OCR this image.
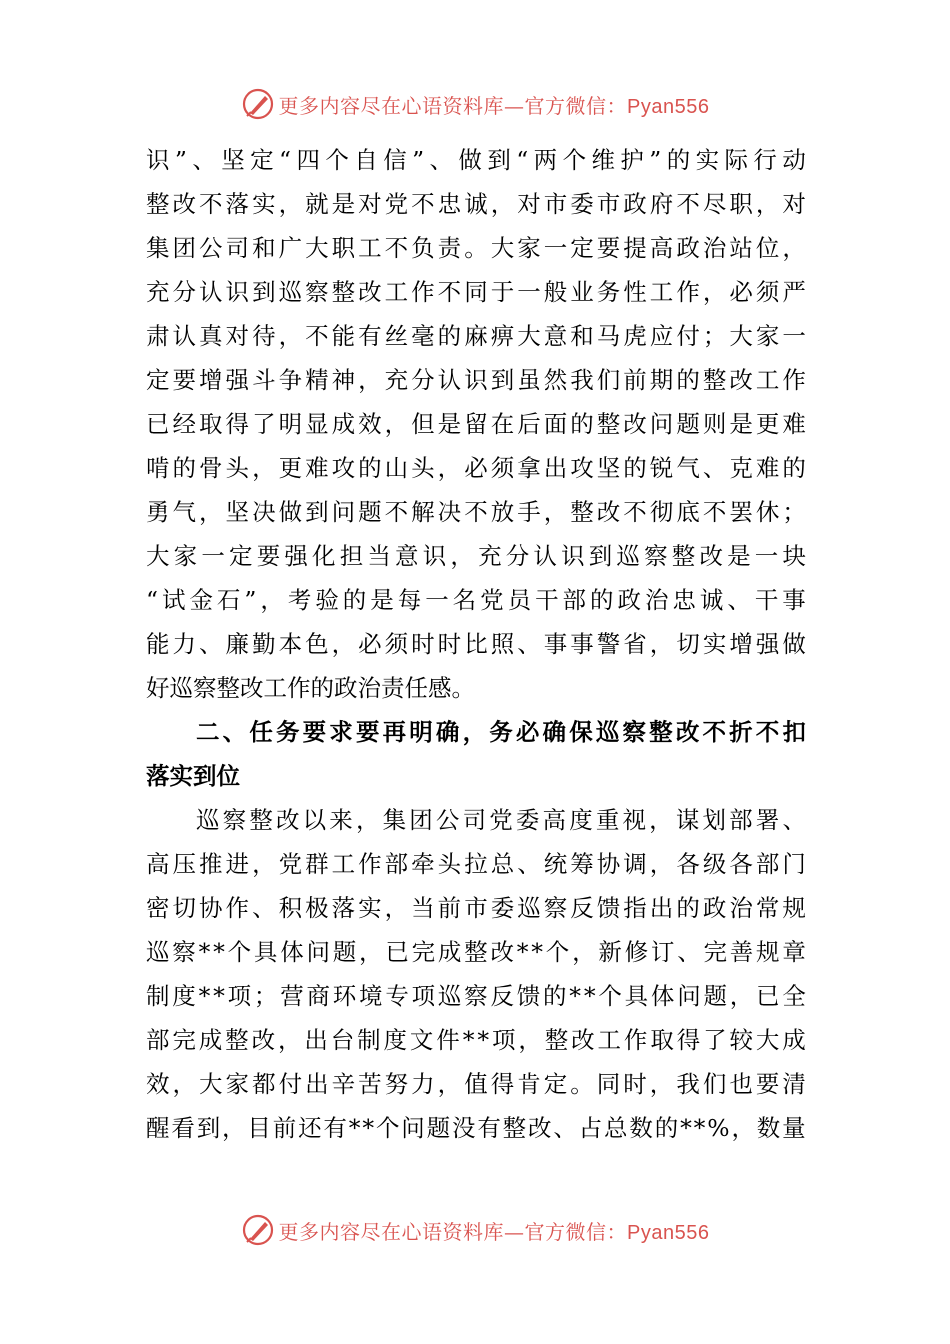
更多内容尽在心语资料库—官方微信：Pyan556
识 ” 、 坚 定 “ 四 个 自 信 ” 、 做 到 “ 两 个 维 护 ” 的 实 际 行 动
整 改 不 落 实 ， 就 是 对 党 不 忠 诚 ， 对 市 委 市 政 府 不 尽 职 ， 对
集 团 公 司 和 广 大 职 工 不 负 责 。 大 家 一 定 要 提 高 政 治 站 位 ，
充 分 认 识 到 巡 察 整 改 工 作 不 同 于 一 般 业 务 性 工 作 ， 必 须 严
肃 认 真 对 待 ， 不 能 有 丝 毫 的 麻 痹 大 意 和 马 虎 应 付 ； 大 家 一
定 要 增 强 斗 争 精 神 ， 充 分 认 识 到 虽 然 我 们 前 期 的 整 改 工 作
已 经 取 得 了 明 显 成 效 ， 但 是 留 在 后 面 的 整 改 问 题 则 是 更 难
啃 的 骨 头 ， 更 难 攻 的 山 头 ， 必 须 拿 出 攻 坚 的 锐 气 、 克 难 的
勇 气 ， 坚 决 做 到 问 题 不 解 决 不 放 手 ， 整 改 不 彻 底 不 罢 休 ；
大 家 一 定 要 强 化 担 当 意 识 ， 充 分 认 识 到 巡 察 整 改 是 一 块
“ 试 金 石 ” ， 考 验 的 是 每 一 名 党 员 干 部 的 政 治 忠 诚 、 干 事
能 力 、 廉 勤 本 色 ， 必 须 时 时 比 照 、 事 事 警 省 ， 切 实 增 强 做
好巡察整改工作的政治责任感。
二 、 任 务 要 求 要 再 明 确 ， 务 必 确 保 巡 察 整 改 不 折 不 扣
落实到位
巡 察 整 改 以 来 ， 集 团 公 司 党 委 高 度 重 视 ， 谋 划 部 署 、
高 压 推 进 ， 党 群 工 作 部 牵 头 拉 总 、 统 筹 协 调 ， 各 级 各 部 门
密 切 协 作 、 积 极 落 实 ， 当 前 市 委 巡 察 反 馈 指 出 的 政 治 常 规
巡 察 * * 个 具 体 问 题 ， 已 完 成 整 改 * * 个 ， 新 修 订 、 完 善 规 章
制 度 * * 项 ； 营 商 环 境 专 项 巡 察 反 馈 的 * * 个 具 体 问 题 ， 已 全
部 完 成 整 改 ， 出 台 制 度 文 件 * * 项 ， 整 改 工 作 取 得 了 较 大 成
效 ， 大 家 都 付 出 辛 苦 努 力 ， 值 得 肯 定 。 同 时 ， 我 们 也 要 清
醒 看 到 ， 目 前 还 有 * * 个 问 题 没 有 整 改 、 占 总 数 的 * * % ， 数 量
更多内容尽在心语资料库—官方微信：Pyan556
